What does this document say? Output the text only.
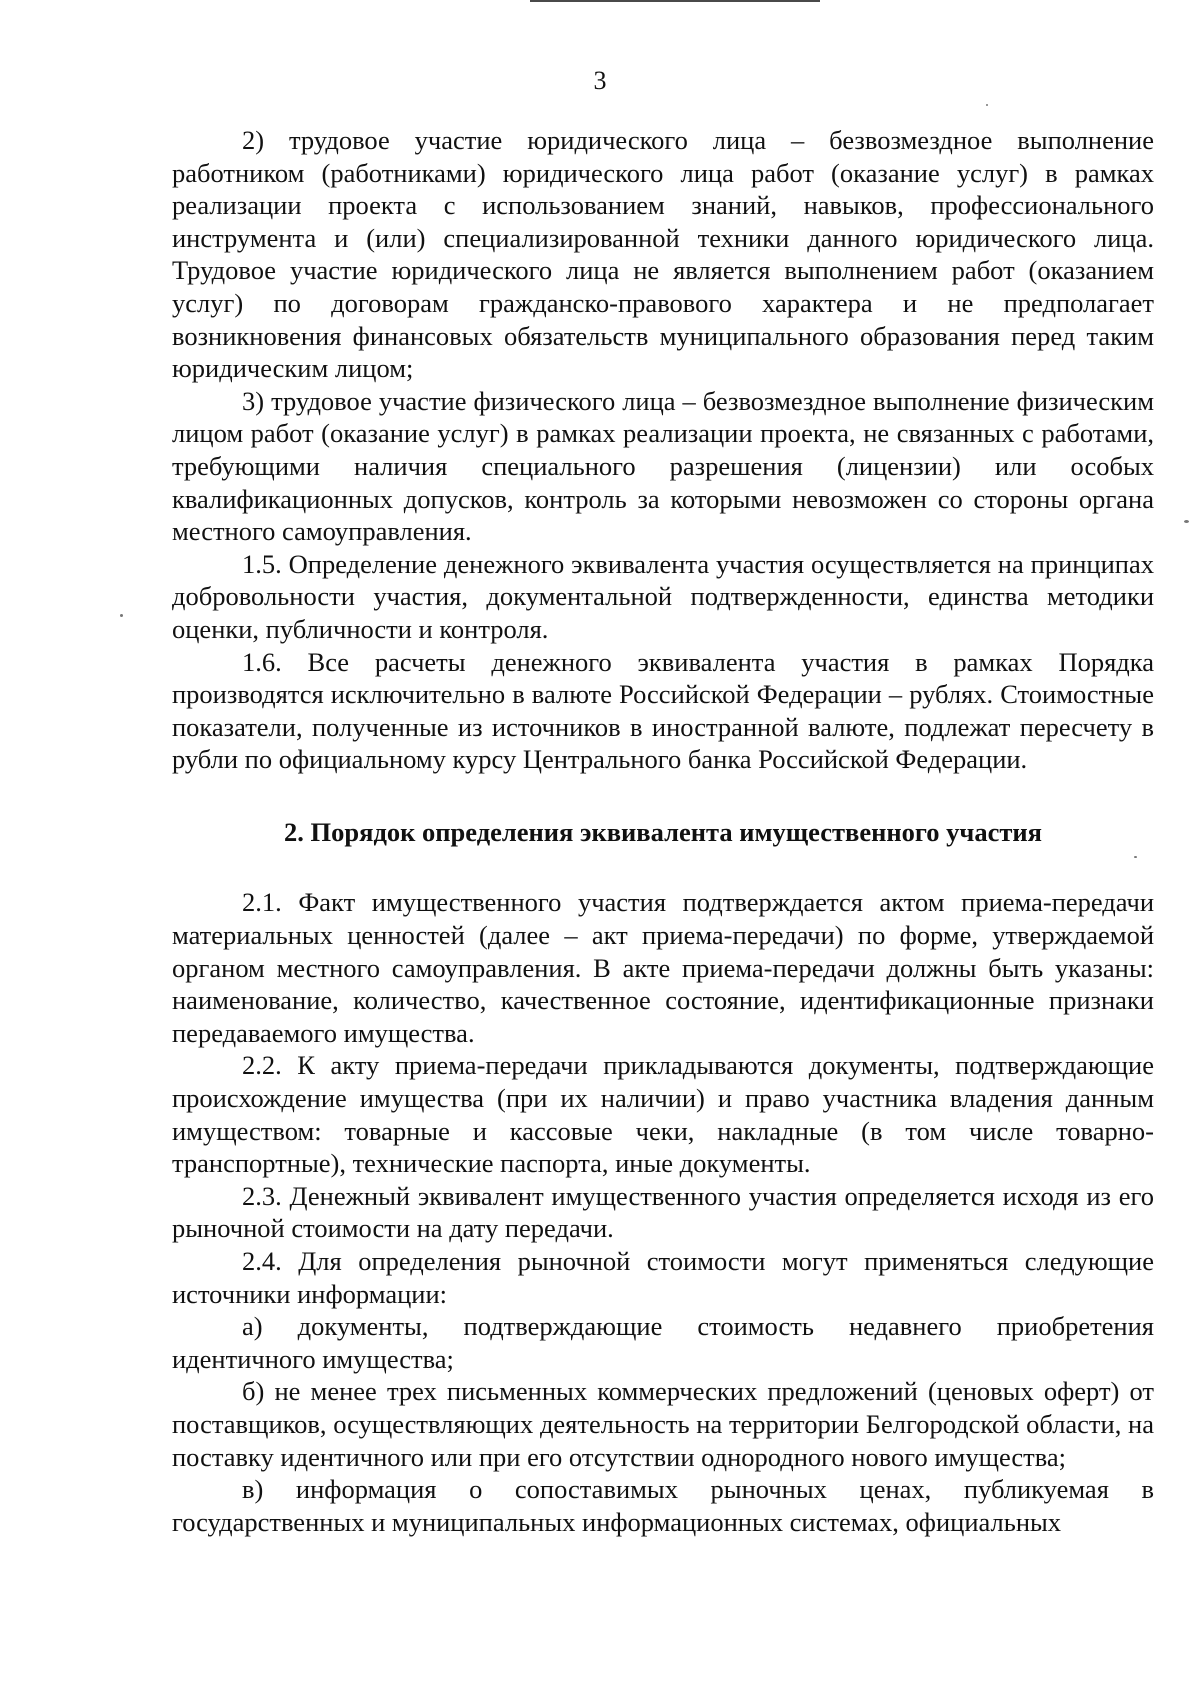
3

2) трудовое участие юридического лица – безвозмездное выполнение работником (работниками) юридического лица работ (оказание услуг) в рамках реализации проекта с использованием знаний, навыков, профессионального инструмента и (или) специализированной техники данного юридического лица. Трудовое участие юридического лица не является выполнением работ (оказанием услуг) по договорам гражданско-правового характера и не предполагает возникновения финансовых обязательств муниципального образования перед таким юридическим лицом;

3) трудовое участие физического лица – безвозмездное выполнение физическим лицом работ (оказание услуг) в рамках реализации проекта, не связанных с работами, требующими наличия специального разрешения (лицензии) или особых квалификационных допусков, контроль за которыми невозможен со стороны органа местного самоуправления.

1.5. Определение денежного эквивалента участия осуществляется на принципах добровольности участия, документальной подтвержденности, единства методики оценки, публичности и контроля.

1.6. Все расчеты денежного эквивалента участия в рамках Порядка производятся исключительно в валюте Российской Федерации – рублях. Стоимостные показатели, полученные из источников в иностранной валюте, подлежат пересчету в рубли по официальному курсу Центрального банка Российской Федерации.

2. Порядок определения эквивалента имущественного участия

2.1. Факт имущественного участия подтверждается актом приема-передачи материальных ценностей (далее – акт приема-передачи) по форме, утверждаемой органом местного самоуправления. В акте приема-передачи должны быть указаны: наименование, количество, качественное состояние, идентификационные признаки передаваемого имущества.

2.2. К акту приема-передачи прикладываются документы, подтверждающие происхождение имущества (при их наличии) и право участника владения данным имуществом: товарные и кассовые чеки, накладные (в том числе товарно-транспортные), технические паспорта, иные документы.

2.3. Денежный эквивалент имущественного участия определяется исходя из его рыночной стоимости на дату передачи.

2.4. Для определения рыночной стоимости могут применяться следующие источники информации:

а) документы, подтверждающие стоимость недавнего приобретения идентичного имущества;

б) не менее трех письменных коммерческих предложений (ценовых оферт) от поставщиков, осуществляющих деятельность на территории Белгородской области, на поставку идентичного или при его отсутствии однородного нового имущества;

в) информация о сопоставимых рыночных ценах, публикуемая в государственных и муниципальных информационных системах, официальных
